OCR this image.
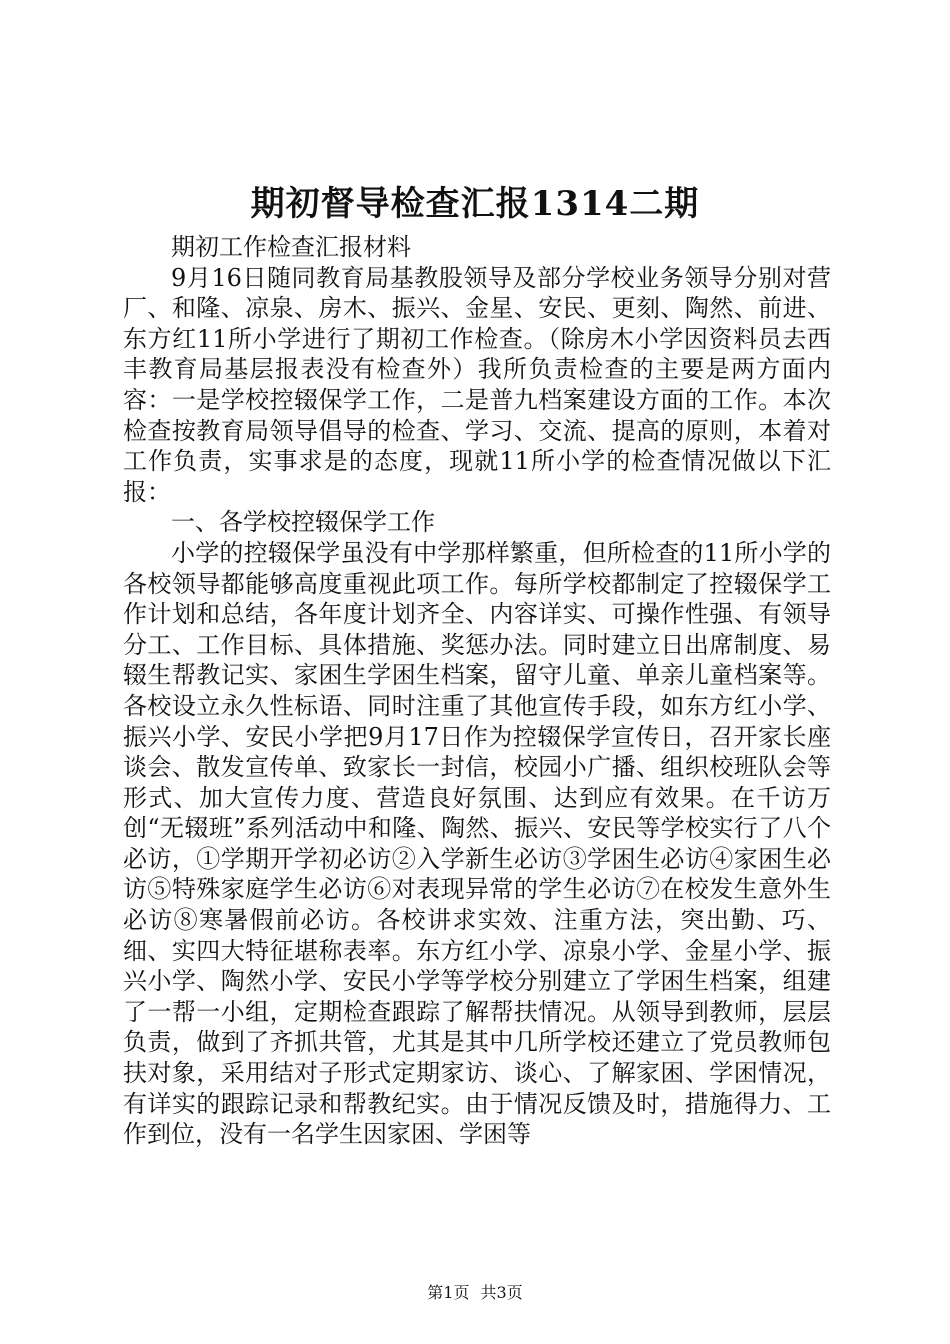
期初督导检查汇报1314二期

期初工作检查汇报材料

9月16日随同教育局基教股领导及部分学校业务领导分别对营厂、和隆、凉泉、房木、振兴、金星、安民、更刻、陶然、前进、东方红11所小学进行了期初工作检查。（除房木小学因资料员去西丰教育局基层报表没有检查外）我所负责检查的主要是两方面内容：一是学校控辍保学工作，二是普九档案建设方面的工作。本次检查按教育局领导倡导的检查、学习、交流、提高的原则，本着对工作负责，实事求是的态度，现就11所小学的检查情况做以下汇报：

一、各学校控辍保学工作

小学的控辍保学虽没有中学那样繁重，但所检查的11所小学的各校领导都能够高度重视此项工作。每所学校都制定了控辍保学工作计划和总结，各年度计划齐全、内容详实、可操作性强、有领导分工、工作目标、具体措施、奖惩办法。同时建立日出席制度、易辍生帮教记实、家困生学困生档案，留守儿童、单亲儿童档案等。各校设立永久性标语、同时注重了其他宣传手段，如东方红小学、振兴小学、安民小学把9月17日作为控辍保学宣传日，召开家长座谈会、散发宣传单、致家长一封信，校园小广播、组织校班队会等形式、加大宣传力度、营造良好氛围、达到应有效果。在千访万创“无辍班”系列活动中和隆、陶然、振兴、安民等学校实行了八个必访，①学期开学初必访②入学新生必访③学困生必访④家困生必访⑤特殊家庭学生必访⑥对表现异常的学生必访⑦在校发生意外生必访⑧寒暑假前必访。各校讲求实效、注重方法，突出勤、巧、细、实四大特征堪称表率。东方红小学、凉泉小学、金星小学、振兴小学、陶然小学、安民小学等学校分别建立了学困生档案，组建了一帮一小组，定期检查跟踪了解帮扶情况。从领导到教师，层层负责，做到了齐抓共管，尤其是其中几所学校还建立了党员教师包扶对象，采用结对子形式定期家访、谈心、了解家困、学困情况，有详实的跟踪记录和帮教纪实。由于情况反馈及时，措施得力、工作到位，没有一名学生因家困、学困等

第1页 共3页
